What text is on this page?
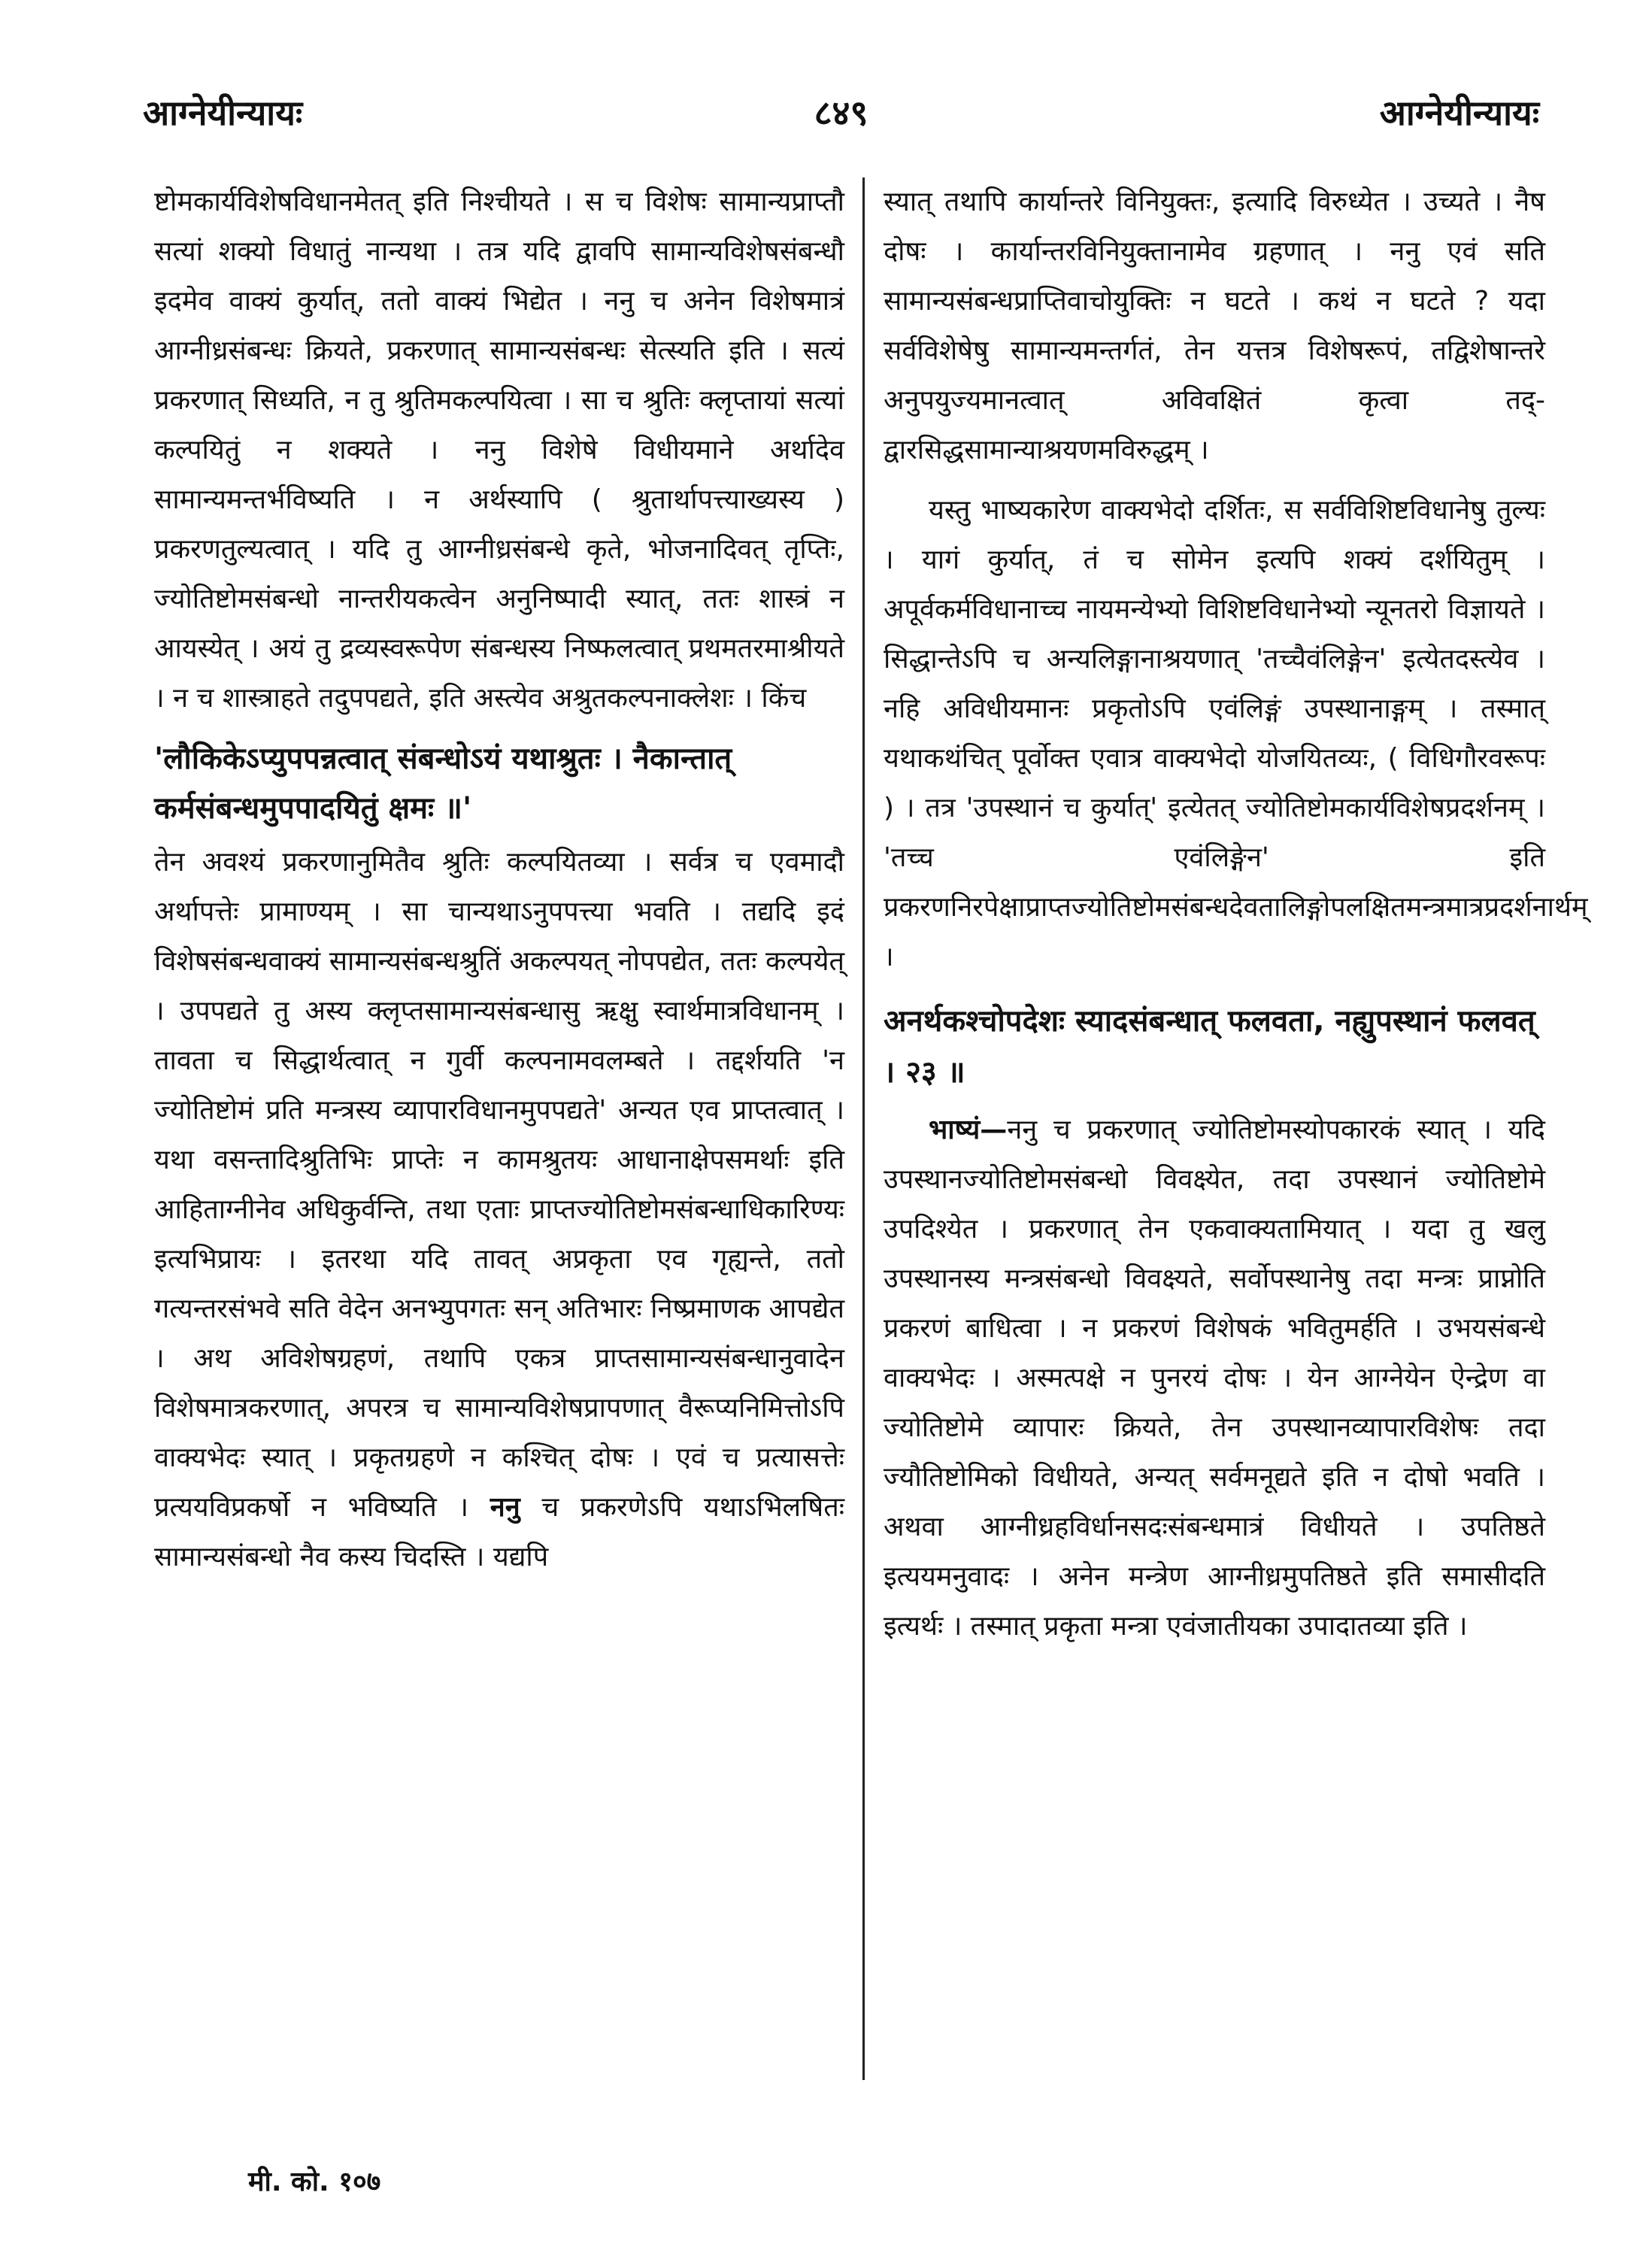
आग्नेयीन्यायः	८४९	आग्नेयीन्यायः

ष्टोमकार्यविशेषविधानमेतत् इति निश्चीयते । स च विशेषः सामान्यप्राप्तौ सत्यां शक्यो विधातुं नान्यथा । तत्र यदि द्वावपि सामान्यविशेषसंबन्धौ इदमेव वाक्यं कुर्यात्, ततो वाक्यं भिद्येत । ननु च अनेन विशेषमात्रं आग्नीध्रसंबन्धः क्रियते, प्रकरणात् सामान्यसंबन्धः सेत्स्यति इति । सत्यं प्रकरणात् सिध्यति, न तु श्रुतिमकल्पयित्वा । सा च श्रुतिः क्लृप्तायां सत्यां कल्पयितुं न शक्यते । ननु विशेषे विधीयमाने अर्थादेव सामान्यमन्तर्भविष्यति । न अर्थस्यापि ( श्रुतार्थापत्त्याख्यस्य ) प्रकरणतुल्यत्वात् । यदि तु आग्नीध्रसंबन्धे कृते, भोजनादिवत् तृप्तिः, ज्योतिष्टोमसंबन्धो नान्तरीयकत्वेन अनुनिष्पादी स्यात्, ततः शास्त्रं न आयस्येत् । अयं तु द्रव्यस्वरूपेण संबन्धस्य निष्फलत्वात् प्रथमतरमाश्रीयते । न च शास्त्राहते तदुपपद्यते, इति अस्त्येव अश्रुतकल्पनाक्लेशः । किंच

'लौकिकेऽप्युपपन्नत्वात् संबन्धोऽयं यथाश्रुतः । नैकान्तात् कर्मसंबन्धमुपपादयितुं क्षमः ॥'

तेन अवश्यं प्रकरणानुमितैव श्रुतिः कल्पयितव्या । सर्वत्र च एवमादौ अर्थापत्तेः प्रामाण्यम् । सा चान्यथाऽनुपपत्त्या भवति । तद्यदि इदं विशेषसंबन्धवाक्यं सामान्यसंबन्धश्रुतिं अकल्पयत् नोपपद्येत, ततः कल्पयेत् । उपपद्यते तु अस्य क्लृप्तसामान्यसंबन्धासु ऋक्षु स्वार्थमात्रविधानम् । तावता च सिद्धार्थत्वात् न गुर्वी कल्पनामवलम्बते । तद्दर्शयति 'न ज्योतिष्टोमं प्रति मन्त्रस्य व्यापारविधानमुपपद्यते' अन्यत एव प्राप्तत्वात् । यथा वसन्तादिश्रुतिभिः प्राप्तेः न कामश्रुतयः आधानाक्षेपसमर्थाः इति आहिताग्नीनेव अधिकुर्वन्ति, तथा एताः प्राप्तज्योतिष्टोमसंबन्धाधिकारिण्यः इत्यभिप्रायः । इतरथा यदि तावत् अप्रकृता एव गृह्यन्ते, ततो गत्यन्तरसंभवे सति वेदेन अनभ्युपगतः सन् अतिभारः निष्प्रमाणक आपद्येत । अथ अविशेषग्रहणं, तथापि एकत्र प्राप्तसामान्यसंबन्धानुवादेन विशेषमात्रकरणात्, अपरत्र च सामान्यविशेषप्रापणात् वैरूप्यनिमित्तोऽपि वाक्यभेदः स्यात् । प्रकृतग्रहणे न कश्चित् दोषः । एवं च प्रत्यासत्तेः प्रत्ययविप्रकर्षो न भविष्यति । ननु च प्रकरणेऽपि यथाऽभिलषितः सामान्यसंबन्धो नैव कस्य चिदस्ति । यद्यपि

स्यात् तथापि कार्यान्तरे विनियुक्तः, इत्यादि विरुध्येत । उच्यते । नैष दोषः । कार्यान्तरविनियुक्तानामेव ग्रहणात् । ननु एवं सति सामान्यसंबन्धप्राप्तिवाचोयुक्तिः न घटते । कथं न घटते ? यदा सर्वविशेषेषु सामान्यमन्तर्गतं, तेन यत्तत्र विशेषरूपं, तद्विशेषान्तरे अनुपयुज्यमानत्वात् अविवक्षितं कृत्वा तद्-द्वारसिद्धसामान्याश्रयणमविरुद्धम् ।

यस्तु भाष्यकारेण वाक्यभेदो दर्शितः, स सर्वविशिष्टविधानेषु तुल्यः । यागं कुर्यात्, तं च सोमेन इत्यपि शक्यं दर्शयितुम् । अपूर्वकर्मविधानाच्च नायमन्येभ्यो विशिष्टविधानेभ्यो न्यूनतरो विज्ञायते । सिद्धान्तेऽपि च अन्यलिङ्गानाश्रयणात् 'तच्चैवंलिङ्गेन' इत्येतदस्त्येव । नहि अविधीयमानः प्रकृतोऽपि एवंलिङ्गं उपस्थानाङ्गम् । तस्मात् यथाकथंचित् पूर्वोक्त एवात्र वाक्यभेदो योजयितव्यः, ( विधिगौरवरूपः ) । तत्र 'उपस्थानं च कुर्यात्' इत्येतत् ज्योतिष्टोमकार्यविशेषप्रदर्शनम् । 'तच्च एवंलिङ्गेन' इति प्रकरणनिरपेक्षाप्राप्तज्योतिष्टोमसंबन्धदेवतालिङ्गोपलक्षितमन्त्रमात्रप्रदर्शनार्थम् ।

अनर्थकश्चोपदेशः स्यादसंबन्धात् फलवता, नह्युपस्थानं फलवत् । २३ ॥

भाष्यं—ननु च प्रकरणात् ज्योतिष्टोमस्योपकारकं स्यात् । यदि उपस्थानज्योतिष्टोमसंबन्धो विवक्ष्येत, तदा उपस्थानं ज्योतिष्टोमे उपदिश्येत । प्रकरणात् तेन एकवाक्यतामियात् । यदा तु खलु उपस्थानस्य मन्त्रसंबन्धो विवक्ष्यते, सर्वोपस्थानेषु तदा मन्त्रः प्राप्नोति प्रकरणं बाधित्वा । न प्रकरणं विशेषकं भवितुमर्हति । उभयसंबन्धे वाक्यभेदः । अस्मत्पक्षे न पुनरयं दोषः । येन आग्नेयेन ऐन्द्रेण वा ज्योतिष्टोमे व्यापारः क्रियते, तेन उपस्थानव्यापारविशेषः तदा ज्यौतिष्टोमिको विधीयते, अन्यत् सर्वमनूद्यते इति न दोषो भवति । अथवा आग्नीध्रहविर्धानसदःसंबन्धमात्रं विधीयते । उपतिष्ठते इत्ययमनुवादः । अनेन मन्त्रेण आग्नीध्रमुपतिष्ठते इति समासीदति इत्यर्थः । तस्मात् प्रकृता मन्त्रा एवंजातीयका उपादातव्या इति ।

मी. को. १०७
